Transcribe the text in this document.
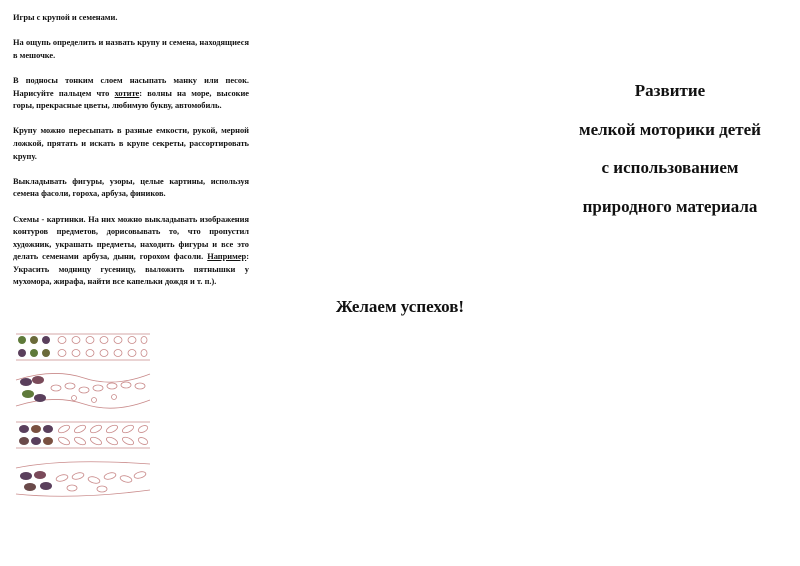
Игры с крупой и семенами.

На ощупь определить и назвать крупу и семена, находящиеся в мешочке.

В подносы тонким слоем насыпать манку или песок. Нарисуйте пальцем что хотите: волны на море, высокие горы, прекрасные цветы, любимую букву, автомобиль.

Крупу можно пересыпать в разные емкости, рукой, мерной ложкой, прятать и искать в крупе секреты, рассортировать крупу.

Выкладывать фигуры, узоры, целые картины, используя семена фасоли, гороха, арбуза, фиников.

Схемы - картинки. На них можно выкладывать изображения контуров предметов, дорисовывать то, что пропустил художник, украшать предметы, находить фигуры и все это делать семенами арбуза, дыни, горохом фасоли. Например: Украсить модницу гусеницу, выложить пятнышки у мухомора, жирафа, найти все капельки дождя и т. п.).

Желаем успехов!
Развитие
мелкой моторики детей
с использованием
природного материала
